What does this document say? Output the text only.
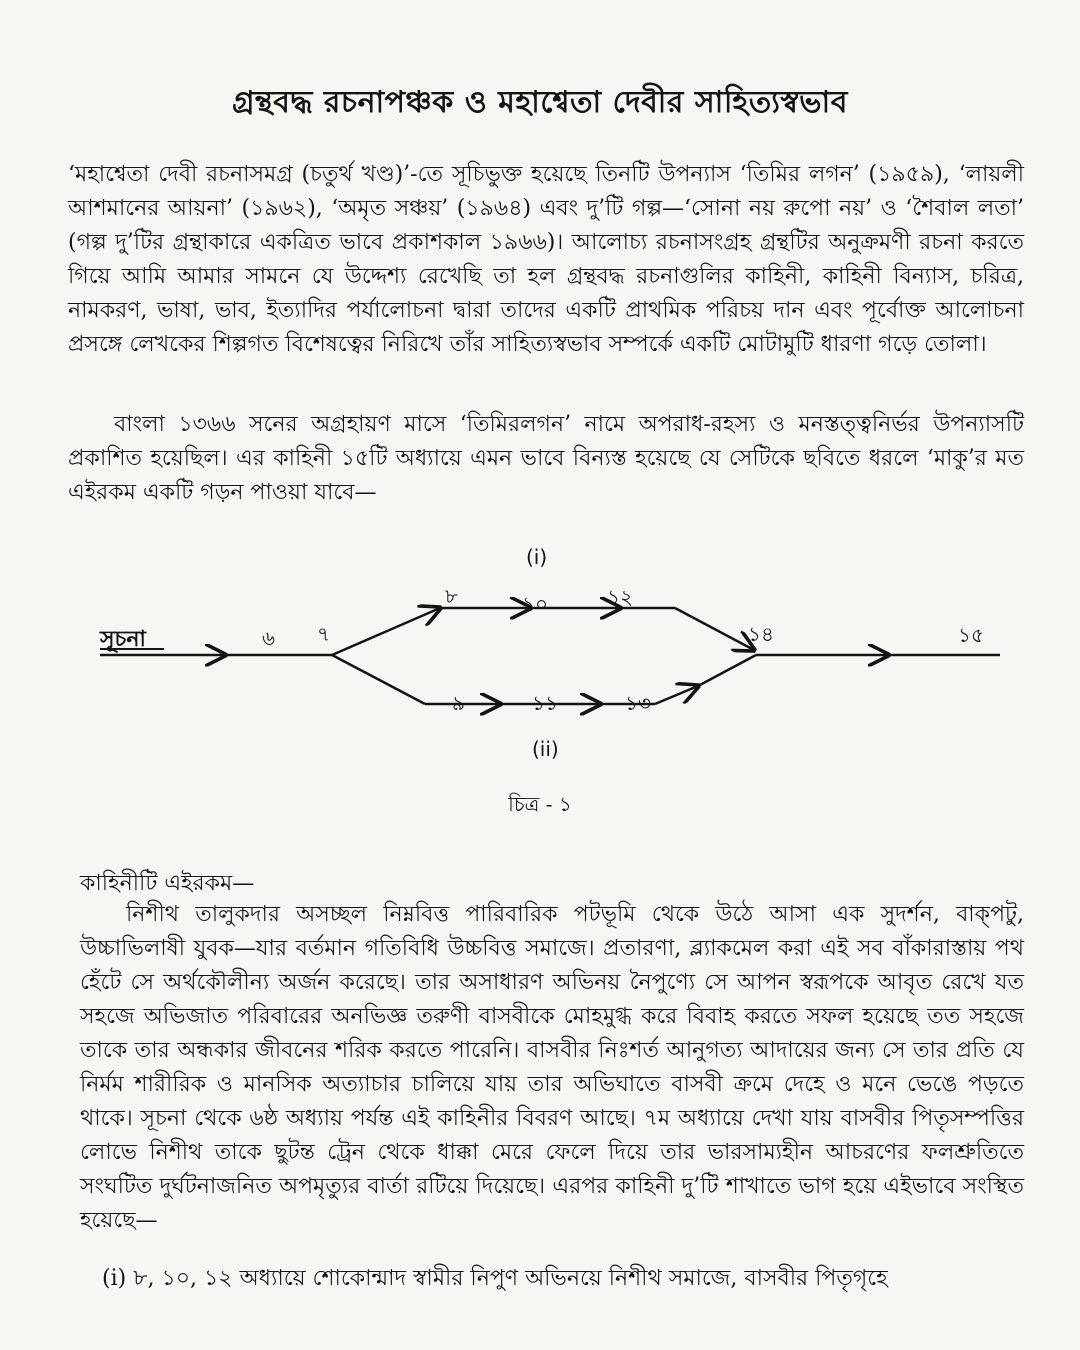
গ্রন্থবদ্ধ রচনাপঞ্চক ও মহাশ্বেতা দেবীর সাহিত্যস্বভাব

‘মহাশ্বেতা দেবী রচনাসমগ্র (চতুর্থ খণ্ড)’-তে সূচিভুক্ত হয়েছে তিনটি উপন্যাস ‘তিমির লগন’ (১৯৫৯), ‘লায়লী আশমানের আয়না’ (১৯৬২), ‘অমৃত সঞ্চয়’ (১৯৬৪) এবং দু’টি গল্প—‘সোনা নয় রুপো নয়’ ও ‘শৈবাল লতা’ (গল্প দু’টির গ্রন্থাকারে একত্রিত ভাবে প্রকাশকাল ১৯৬৬)। আলোচ্য রচনাসংগ্রহ গ্রন্থটির অনুক্রমণী রচনা করতে গিয়ে আমি আমার সামনে যে উদ্দেশ্য রেখেছি তা হল গ্রন্থবদ্ধ রচনাগুলির কাহিনী, কাহিনী বিন্যাস, চরিত্র, নামকরণ, ভাষা, ভাব, ইত্যাদির পর্যালোচনা দ্বারা তাদের একটি প্রাথমিক পরিচয় দান এবং পূর্বোক্ত আলোচনা প্রসঙ্গে লেখকের শিল্পগত বিশেষত্বের নিরিখে তাঁর সাহিত্যস্বভাব সম্পর্কে একটি মোটামুটি ধারণা গড়ে তোলা।

বাংলা ১৩৬৬ সনের অগ্রহায়ণ মাসে ‘তিমিরলগন’ নামে অপরাধ-রহস্য ও মনস্তত্ত্বনির্ভর উপন্যাসটি প্রকাশিত হয়েছিল। এর কাহিনী ১৫টি অধ্যায়ে এমন ভাবে বিন্যস্ত হয়েছে যে সেটিকে ছবিতে ধরলে ‘মাকু’র মত এইরকম একটি গড়ন পাওয়া যাবে—

সূচনা
(i)
(ii)
৬ ৭
৮	১০	১২
৯	১১	১৩
১৪	১৫
চিত্র - ১
কাহিনীটি এইরকম—

নিশীথ তালুকদার অসচ্ছল নিম্নবিত্ত পারিবারিক পটভূমি থেকে উঠে আসা এক সুদর্শন, বাক্‌পটু, উচ্চাভিলাষী যুবক—যার বর্তমান গতিবিধি উচ্চবিত্ত সমাজে। প্রতারণা, ব্ল্যাকমেল করা এই সব বাঁকারাস্তায় পথ হেঁটে সে অর্থকৌলীন্য অর্জন করেছে। তার অসাধারণ অভিনয় নৈপুণ্যে সে আপন স্বরূপকে আবৃত রেখে যত সহজে অভিজাত পরিবারের অনভিজ্ঞ তরুণী বাসবীকে মোহমুগ্ধ করে বিবাহ করতে সফল হয়েছে তত সহজে তাকে তার অন্ধকার জীবনের শরিক করতে পারেনি। বাসবীর নিঃশর্ত আনুগত্য আদায়ের জন্য সে তার প্রতি যে নির্মম শারীরিক ও মানসিক অত্যাচার চালিয়ে যায় তার অভিঘাতে বাসবী ক্রমে দেহে ও মনে ভেঙে পড়তে থাকে। সূচনা থেকে ৬ষ্ঠ অধ্যায় পর্যন্ত এই কাহিনীর বিবরণ আছে। ৭ম অধ্যায়ে দেখা যায় বাসবীর পিতৃসম্পত্তির লোভে নিশীথ তাকে ছুটন্ত ট্রেন থেকে ধাক্কা মেরে ফেলে দিয়ে তার ভারসাম্যহীন আচরণের ফলশ্রুতিতে সংঘটিত দুর্ঘটনাজনিত অপমৃত্যুর বার্তা রটিয়ে দিয়েছে। এরপর কাহিনী দু’টি শাখাতে ভাগ হয়ে এইভাবে সংস্থিত হয়েছে—

(i) ৮, ১০, ১২ অধ্যায়ে শোকোন্মাদ স্বামীর নিপুণ অভিনয়ে নিশীথ সমাজে, বাসবীর পিতৃগৃহে
